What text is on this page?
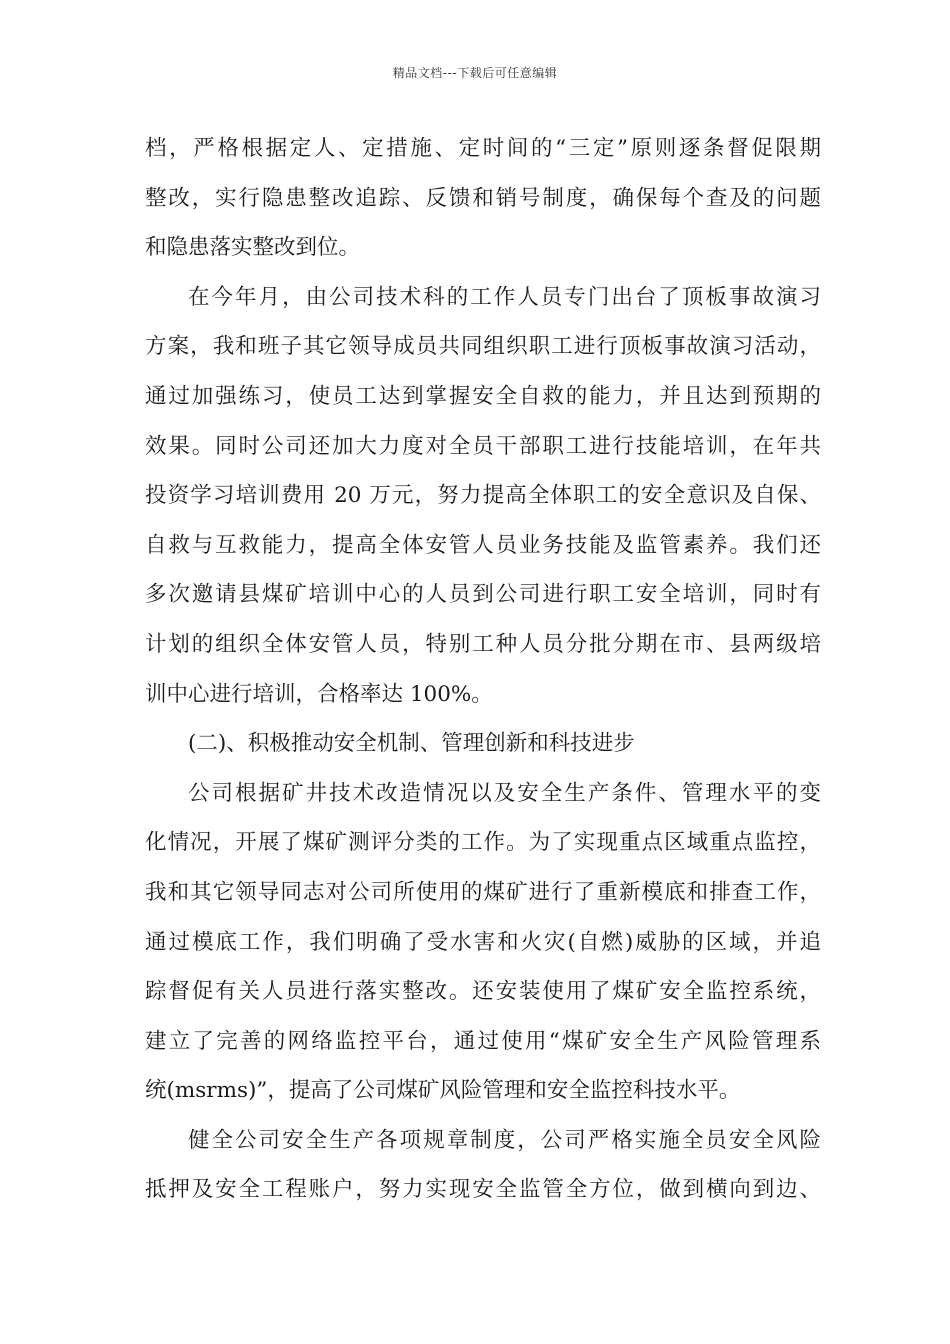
精品文档---下载后可任意编辑

档，严格根据定人、定措施、定时间的“三定”原则逐条督促限期
整改，实行隐患整改追踪、反馈和销号制度，确保每个查及的问题
和隐患落实整改到位。

在今年月，由公司技术科的工作人员专门出台了顶板事故演习
方案，我和班子其它领导成员共同组织职工进行顶板事故演习活动，
通过加强练习，使员工达到掌握安全自救的能力，并且达到预期的
效果。同时公司还加大力度对全员干部职工进行技能培训，在年共
投资学习培训费用 20 万元，努力提高全体职工的安全意识及自保、
自救与互救能力，提高全体安管人员业务技能及监管素养。我们还
多次邀请县煤矿培训中心的人员到公司进行职工安全培训，同时有
计划的组织全体安管人员，特别工种人员分批分期在市、县两级培
训中心进行培训，合格率达 100%。

(二)、积极推动安全机制、管理创新和科技进步

公司根据矿井技术改造情况以及安全生产条件、管理水平的变
化情况，开展了煤矿测评分类的工作。为了实现重点区域重点监控，
我和其它领导同志对公司所使用的煤矿进行了重新模底和排查工作，
通过模底工作，我们明确了受水害和火灾(自燃)威胁的区域，并追
踪督促有关人员进行落实整改。还安装使用了煤矿安全监控系统，
建立了完善的网络监控平台，通过使用“煤矿安全生产风险管理系
统(msrms)”，提高了公司煤矿风险管理和安全监控科技水平。

健全公司安全生产各项规章制度，公司严格实施全员安全风险
抵押及安全工程账户，努力实现安全监管全方位，做到横向到边、
